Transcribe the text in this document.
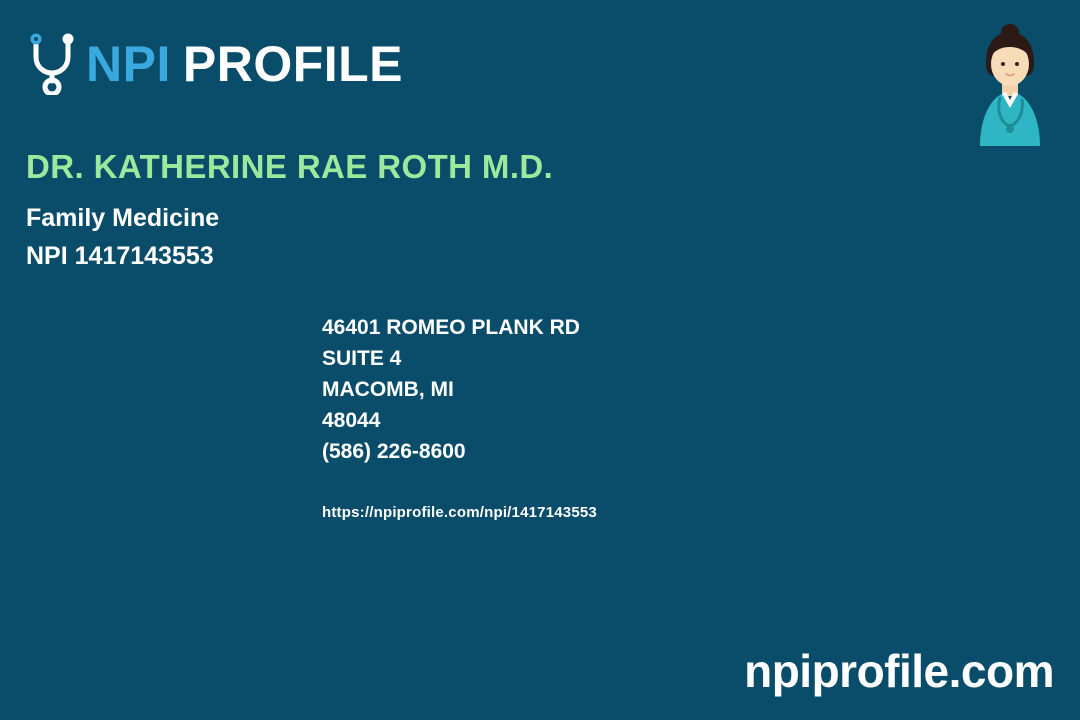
NPI PROFILE
DR. KATHERINE RAE ROTH M.D.
Family Medicine
NPI 1417143553
46401 ROMEO PLANK RD
SUITE 4
MACOMB, MI
48044
(586) 226-8600
https://npiprofile.com/npi/1417143553
npiprofile.com
